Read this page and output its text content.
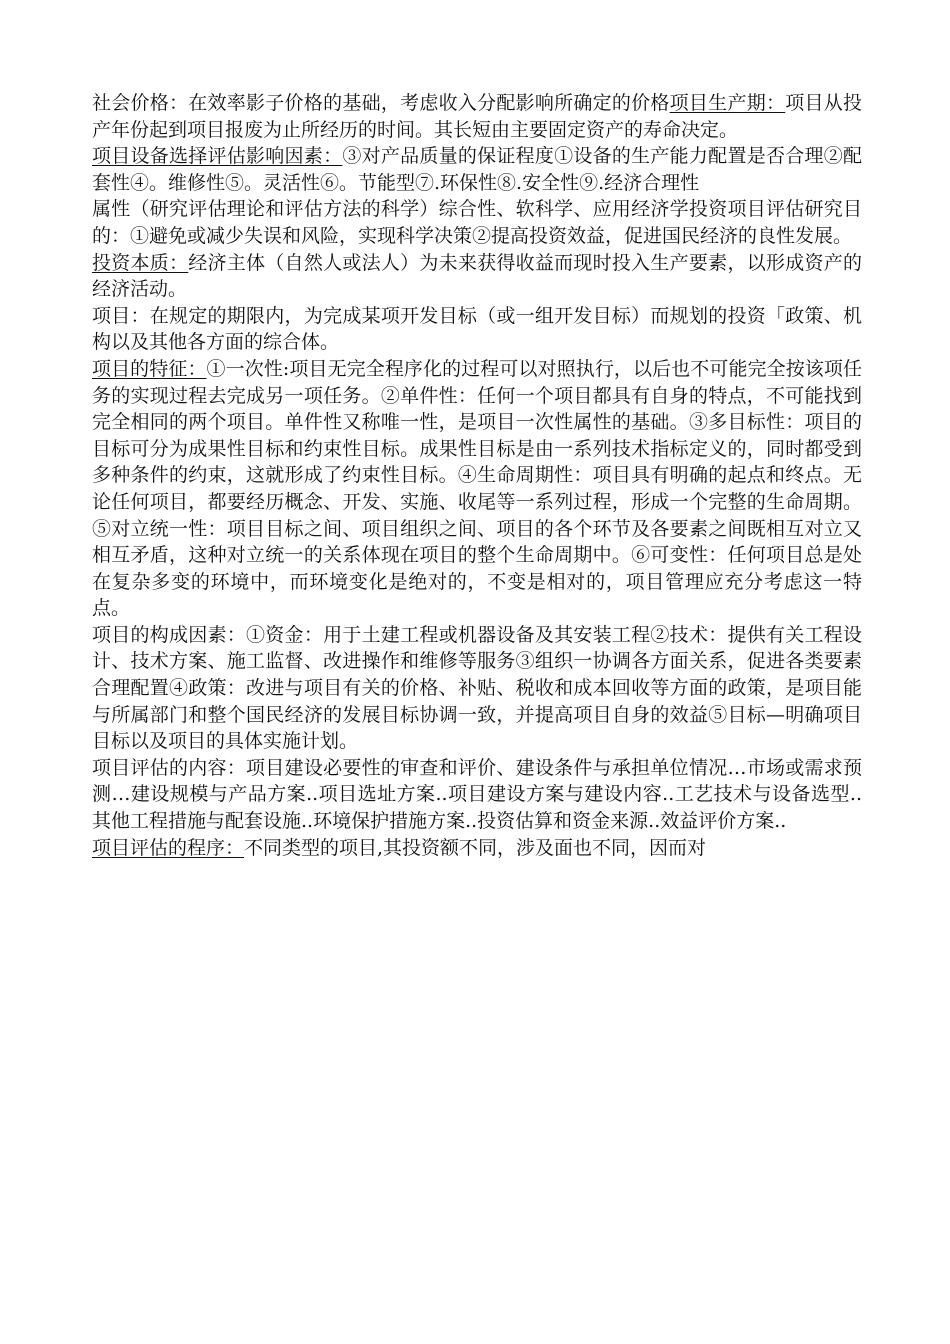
社会价格：在效率影子价格的基础，考虑收入分配影响所确定的价格项目生产期：项目从投产年份起到项目报废为止所经历的时间。其长短由主要固定资产的寿命决定。

项目设备选择评估影响因素：③对产品质量的保证程度①设备的生产能力配置是否合理②配套性④。维修性⑤。灵活性⑥。节能型⑦.环保性⑧.安全性⑨.经济合理性

属性（研究评估理论和评估方法的科学）综合性、软科学、应用经济学投资项目评估研究目的：①避免或减少失误和风险，实现科学决策②提高投资效益，促进国民经济的良性发展。

投资本质：经济主体（自然人或法人）为未来获得收益而现时投入生产要素，以形成资产的经济活动。

项目：在规定的期限内，为完成某项开发目标（或一组开发目标）而规划的投资「政策、机构以及其他各方面的综合体。

项目的特征：①一次性:项目无完全程序化的过程可以对照执行，以后也不可能完全按该项任务的实现过程去完成另一项任务。②单件性：任何一个项目都具有自身的特点，不可能找到完全相同的两个项目。单件性又称唯一性，是项目一次性属性的基础。③多目标性：项目的目标可分为成果性目标和约束性目标。成果性目标是由一系列技术指标定义的，同时都受到多种条件的约束，这就形成了约束性目标。④生命周期性：项目具有明确的起点和终点。无论任何项目，都要经历概念、开发、实施、收尾等一系列过程，形成一个完整的生命周期。⑤对立统一性：项目目标之间、项目组织之间、项目的各个环节及各要素之间既相互对立又相互矛盾，这种对立统一的关系体现在项目的整个生命周期中。⑥可变性：任何项目总是处在复杂多变的环境中，而环境变化是绝对的，不变是相对的，项目管理应充分考虑这一特点。

项目的构成因素：①资金：用于土建工程或机器设备及其安装工程②技术：提供有关工程设计、技术方案、施工监督、改进操作和维修等服务③组织一协调各方面关系，促进各类要素合理配置④政策：改进与项目有关的价格、补贴、税收和成本回收等方面的政策，是项目能与所属部门和整个国民经济的发展目标协调一致，并提高项目自身的效益⑤目标—明确项目目标以及项目的具体实施计划。

项目评估的内容：项目建设必要性的审查和评价、建设条件与承担单位情况…市场或需求预测…建设规模与产品方案..项目选址方案..项目建设方案与建设内容..工艺技术与设备选型..其他工程措施与配套设施..环境保护措施方案..投资估算和资金来源..效益评价方案..

项目评估的程序：不同类型的项目,其投资额不同，涉及面也不同，因而对
